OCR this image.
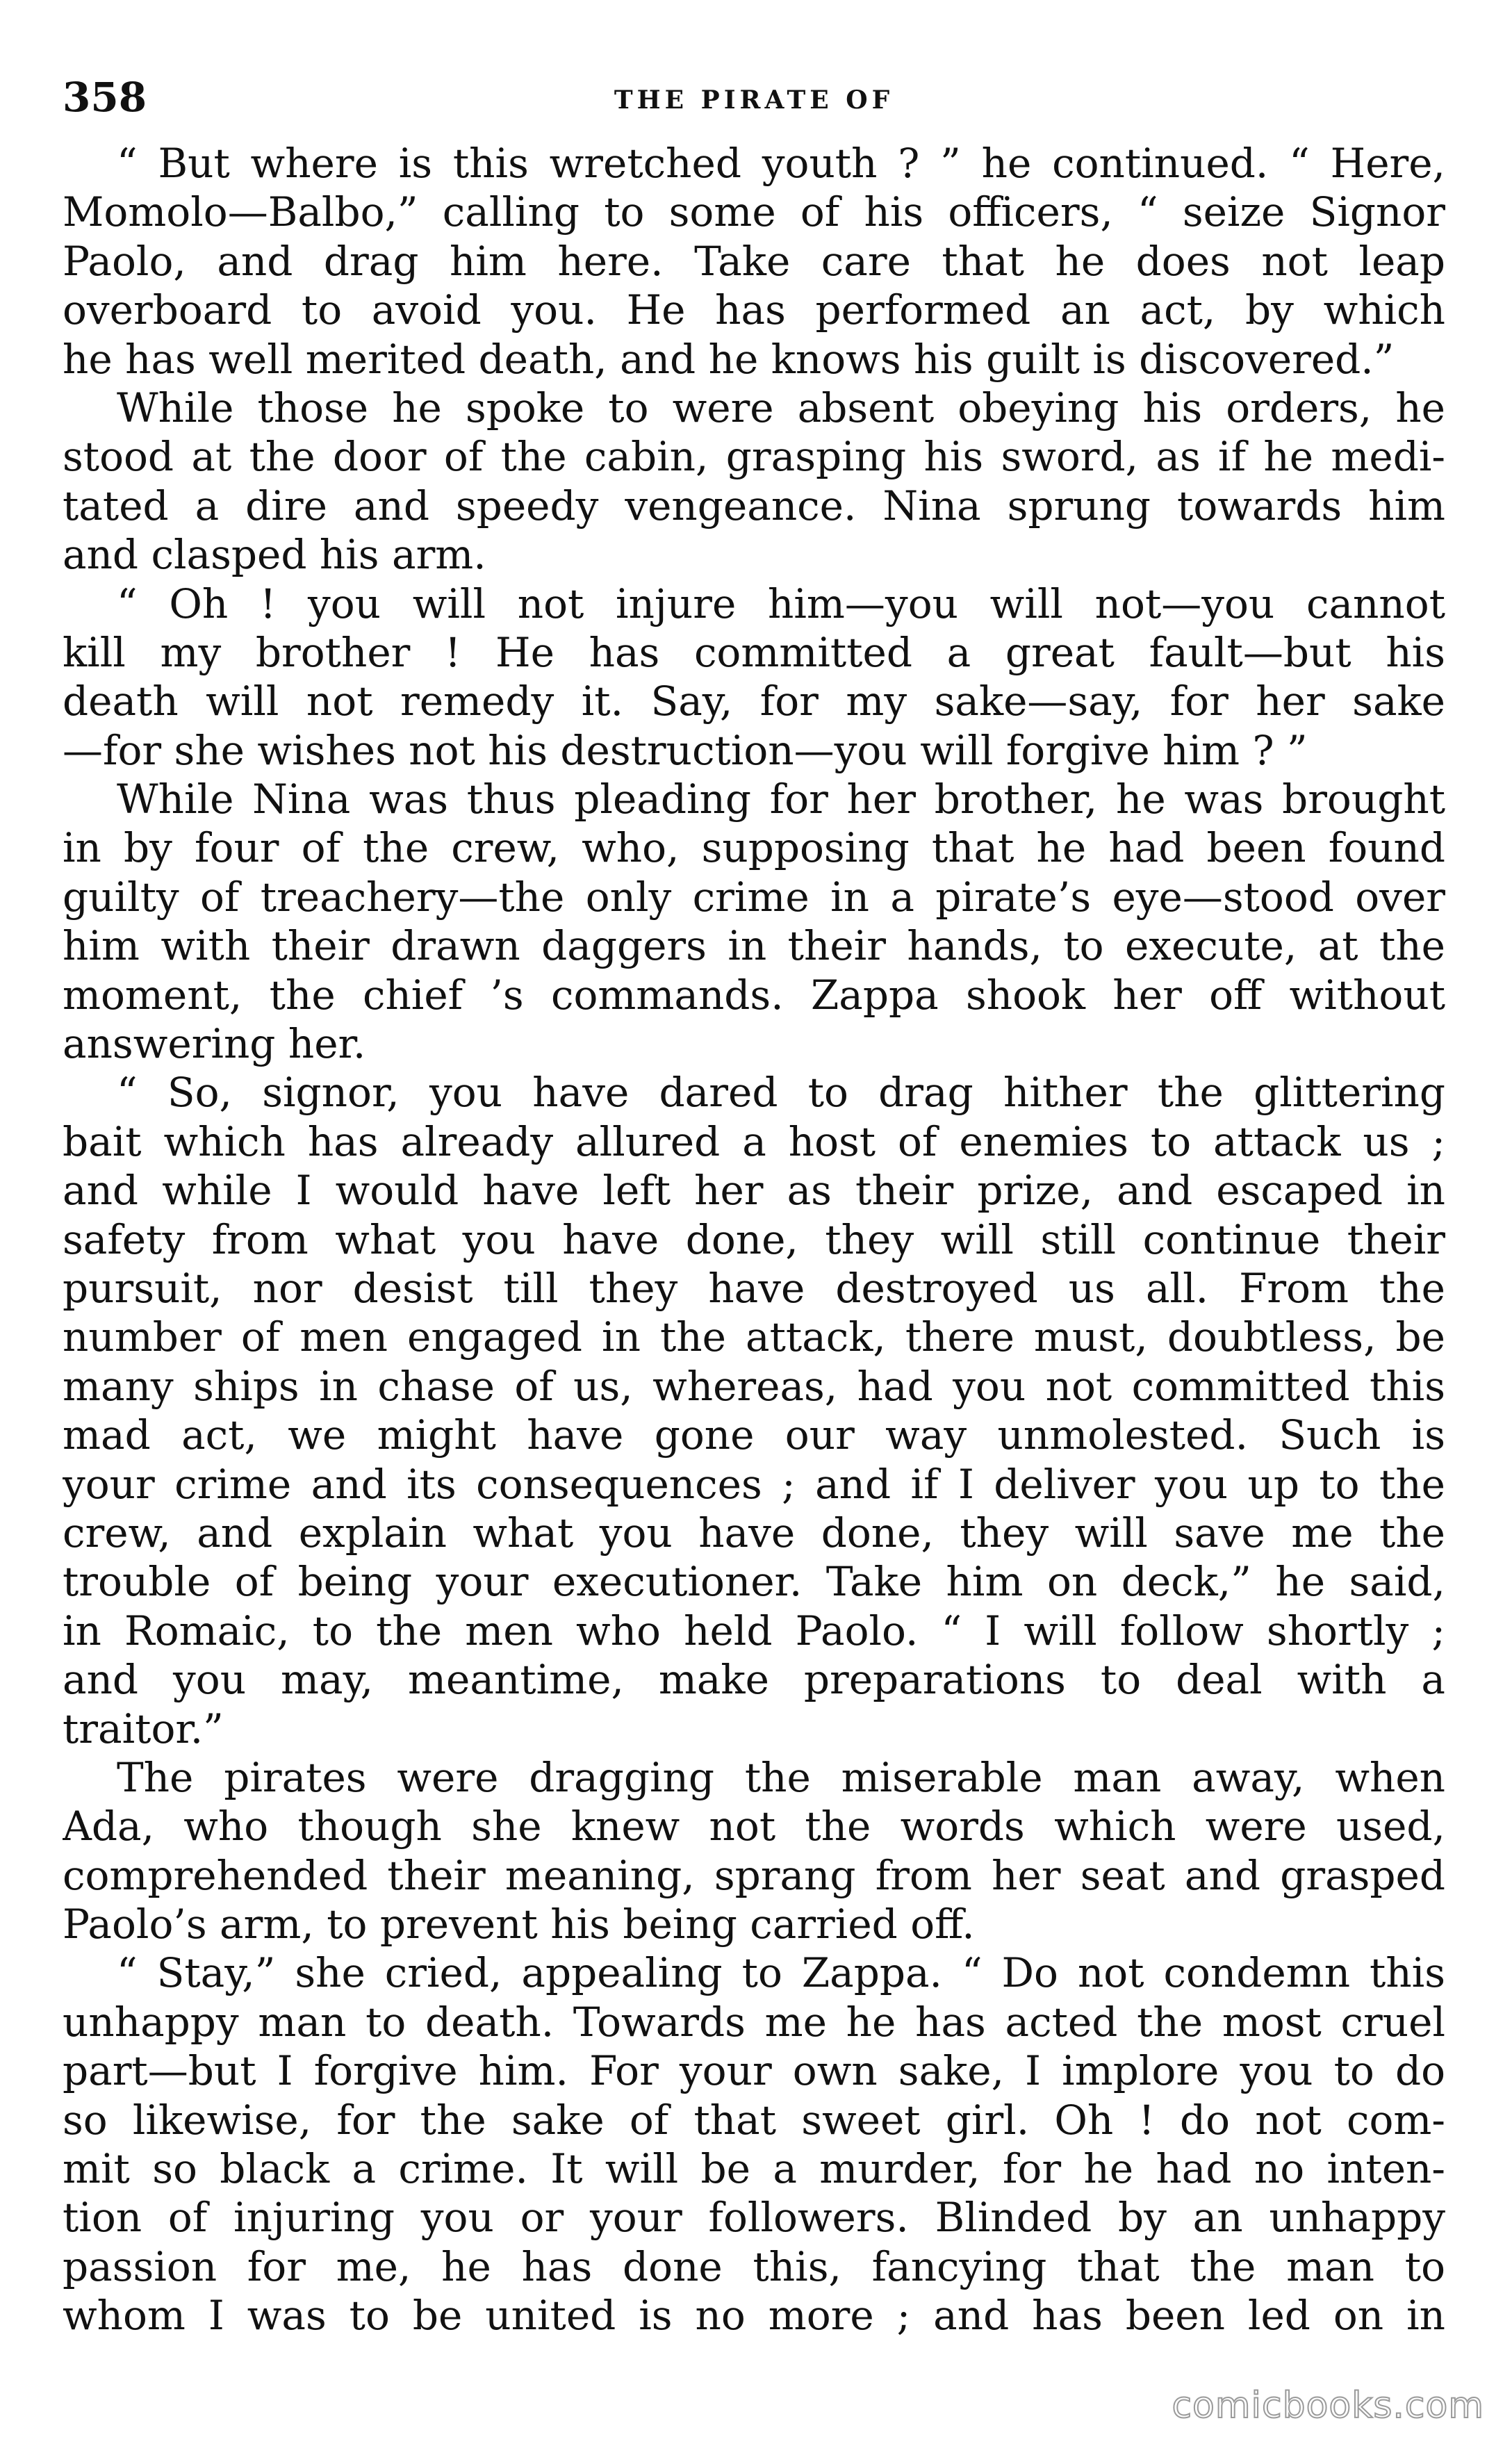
358	THE PIRATE OF
“ But where is this wretched youth ? ” he continued. “ Here,
Momolo—Balbo,” calling to some of his officers, “ seize Signor
Paolo, and drag him here. Take care that he does not leap
overboard to avoid you. He has performed an act, by which
he has well merited death, and he knows his guilt is discovered.”
While those he spoke to were absent obeying his orders, he
stood at the door of the cabin, grasping his sword, as if he medi-
tated a dire and speedy vengeance. Nina sprung towards him
and clasped his arm.
“ Oh ! you will not injure him—you will not—you cannot
kill my brother ! He has committed a great fault—but his
death will not remedy it. Say, for my sake—say, for her sake
—for she wishes not his destruction—you will forgive him ? ”
While Nina was thus pleading for her brother, he was brought
in by four of the crew, who, supposing that he had been found
guilty of treachery—the only crime in a pirate’s eye—stood over
him with their drawn daggers in their hands, to execute, at the
moment, the chief ’s commands. Zappa shook her off without
answering her.
“ So, signor, you have dared to drag hither the glittering
bait which has already allured a host of enemies to attack us ;
and while I would have left her as their prize, and escaped in
safety from what you have done, they will still continue their
pursuit, nor desist till they have destroyed us all. From the
number of men engaged in the attack, there must, doubtless, be
many ships in chase of us, whereas, had you not committed this
mad act, we might have gone our way unmolested. Such is
your crime and its consequences ; and if I deliver you up to the
crew, and explain what you have done, they will save me the
trouble of being your executioner. Take him on deck,” he said,
in Romaic, to the men who held Paolo. “ I will follow shortly ;
and you may, meantime, make preparations to deal with a
traitor.”
The pirates were dragging the miserable man away, when
Ada, who though she knew not the words which were used,
comprehended their meaning, sprang from her seat and grasped
Paolo’s arm, to prevent his being carried off.
“ Stay,” she cried, appealing to Zappa. “ Do not condemn this
unhappy man to death. Towards me he has acted the most cruel
part—but I forgive him. For your own sake, I implore you to do
so likewise, for the sake of that sweet girl. Oh ! do not com-
mit so black a crime. It will be a murder, for he had no inten-
tion of injuring you or your followers. Blinded by an unhappy
passion for me, he has done this, fancying that the man to
whom I was to be united is no more ; and has been led on in
comicbooks.com
